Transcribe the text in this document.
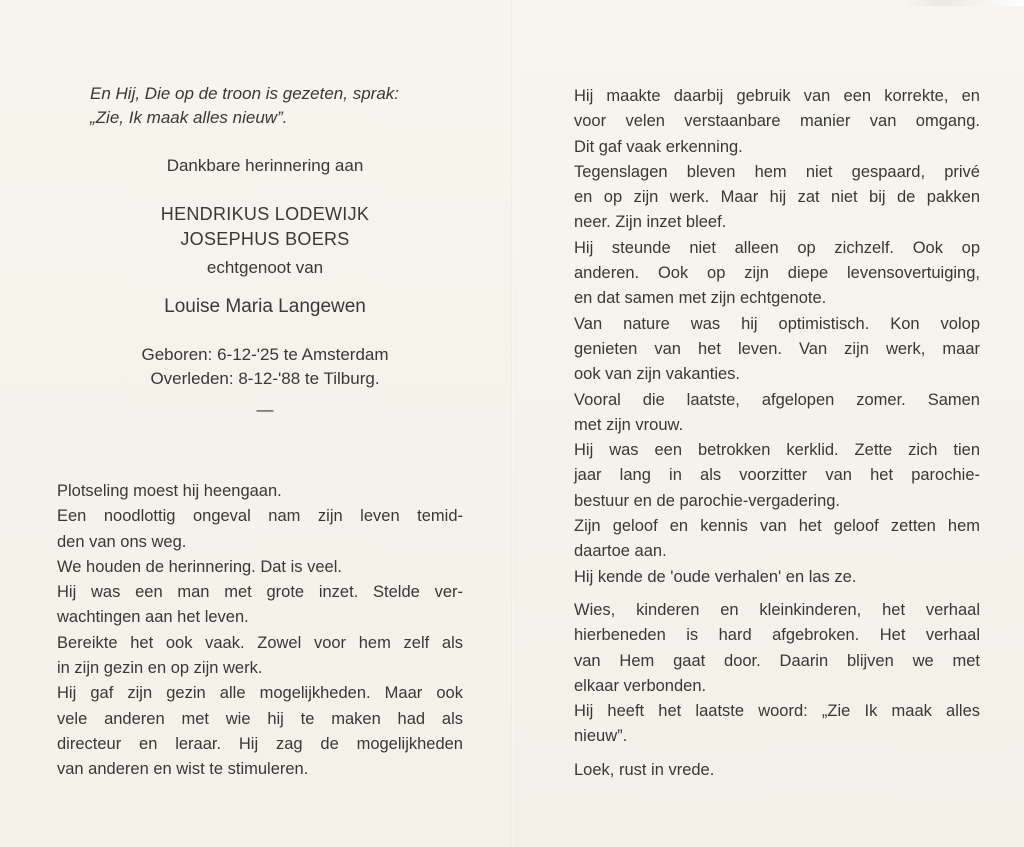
En Hij, Die op de troon is gezeten, sprak:
„Zie, Ik maak alles nieuw”.
Dankbare herinnering aan
HENDRIKUS LODEWIJK
JOSEPHUS BOERS
echtgenoot van
Louise Maria Langewen
Geboren: 6-12-'25 te Amsterdam
Overleden: 8-12-'88 te Tilburg.
—
Plotseling moest hij heengaan.
Een noodlottig ongeval nam zijn leven temid-
den van ons weg.
We houden de herinnering. Dat is veel.
Hij was een man met grote inzet. Stelde ver-
wachtingen aan het leven.
Bereikte het ook vaak. Zowel voor hem zelf als
in zijn gezin en op zijn werk.
Hij gaf zijn gezin alle mogelijkheden. Maar ook
vele anderen met wie hij te maken had als
directeur en leraar. Hij zag de mogelijkheden
van anderen en wist te stimuleren.
Hij maakte daarbij gebruik van een korrekte, en
voor velen verstaanbare manier van omgang.
Dit gaf vaak erkenning.
Tegenslagen bleven hem niet gespaard, privé
en op zijn werk. Maar hij zat niet bij de pakken
neer. Zijn inzet bleef.
Hij steunde niet alleen op zichzelf. Ook op
anderen. Ook op zijn diepe levensovertuiging,
en dat samen met zijn echtgenote.
Van nature was hij optimistisch. Kon volop
genieten van het leven. Van zijn werk, maar
ook van zijn vakanties.
Vooral die laatste, afgelopen zomer. Samen
met zijn vrouw.
Hij was een betrokken kerklid. Zette zich tien
jaar lang in als voorzitter van het parochie-
bestuur en de parochie-vergadering.
Zijn geloof en kennis van het geloof zetten hem
daartoe aan.
Hij kende de 'oude verhalen' en las ze.
Wies, kinderen en kleinkinderen, het verhaal
hierbeneden is hard afgebroken. Het verhaal
van Hem gaat door. Daarin blijven we met
elkaar verbonden.
Hij heeft het laatste woord: „Zie Ik maak alles
nieuw”.
Loek, rust in vrede.
